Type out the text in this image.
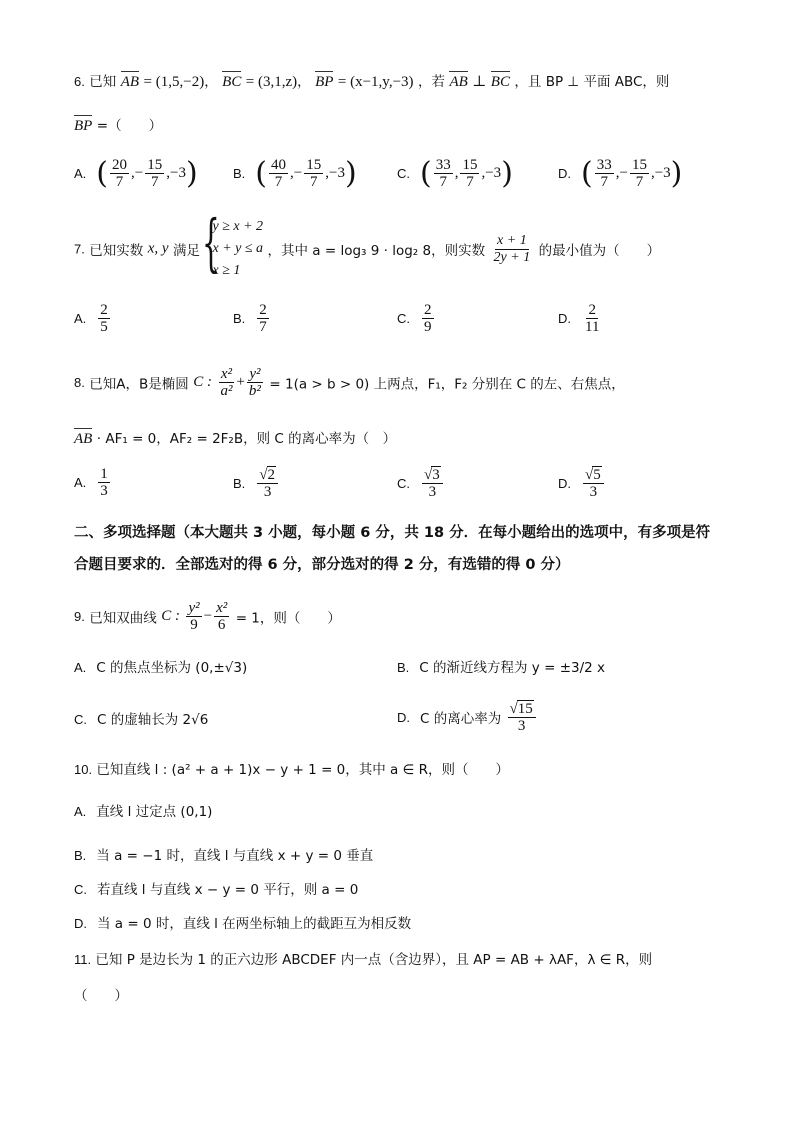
6. 已知 AB = (1,5,−2)， BC = (3,1,z)， BP = (x−1,y,−3) ，若 AB ⊥ BC ，且 BP ⊥ 平面 ABC，则
BP =（　　）
A. ( $\frac{20}{7}$ ,− $\frac{15}{7} ,-3$)	B. ( $\frac{40}{7}$ ,− $\frac{15}{7} ,-3$)	C. ( $\frac{33}{7}$ , $\frac{15}{7} ,-3$)	D. ( $\frac{33}{7}$ ,− $\frac{15}{7} ,-3$)
7. 已知实数 x, y 满足 {
y ≥ x + 2
x + y ≤ a
x ≥ 1
，其中 a = log₃ 9 · log₂ 8，则实数 $\frac{x + 1}{2y + 1}$ 的最小值为（　　）
A. $\frac{2}{5}$	B. $\frac{2}{7}$	C. $\frac{2}{9}$	D. $\frac{2}{11}$
8. 已知A，B是椭圆 C : $\frac{\text{x²}}{\text{a²}} + \frac{\text{y²}}{\text{b²}} = 1(a > b > 0)$ 上两点，F₁，F₂ 分别在 C 的左、右焦点，
AB · AF₁ = 0，AF₂ = 2F₂B，则 C 的离心率为（　）
A. $\frac{1}{3}$	B. $\frac{√2}{3}$	C. $\frac{√3}{3}$	D. $\frac{√5}{3}$
二、多项选择题（本大题共 3 小题，每小题 6 分，共 18 分．在每小题给出的选项中，有多项是符合题目要求的．全部选对的得 6 分，部分选对的得 2 分，有选错的得 0 分）
9. 已知双曲线 C : $\frac{\text{y²}}{9} - \frac{\text{x²}}{6} = 1$，则（　　）
A. C 的焦点坐标为 (0,±√3)	B. C 的渐近线方程为 y = ±3/2 x
C. C 的虚轴长为 2√6	D. C 的离心率为 $\frac{√15}{3}$
10. 已知直线 l : (a² + a + 1)x − y + 1 = 0，其中 a ∈ R，则（　　）
A. 直线 l 过定点 (0,1)
B. 当 a = −1 时，直线 l 与直线 x + y = 0 垂直
C. 若直线 l 与直线 x − y = 0 平行，则 a = 0
D. 当 a = 0 时，直线 l 在两坐标轴上的截距互为相反数
11. 已知 P 是边长为 1 的正六边形 ABCDEF 内一点（含边界），且 AP = AB + λAF，λ ∈ R，则
（　　）
